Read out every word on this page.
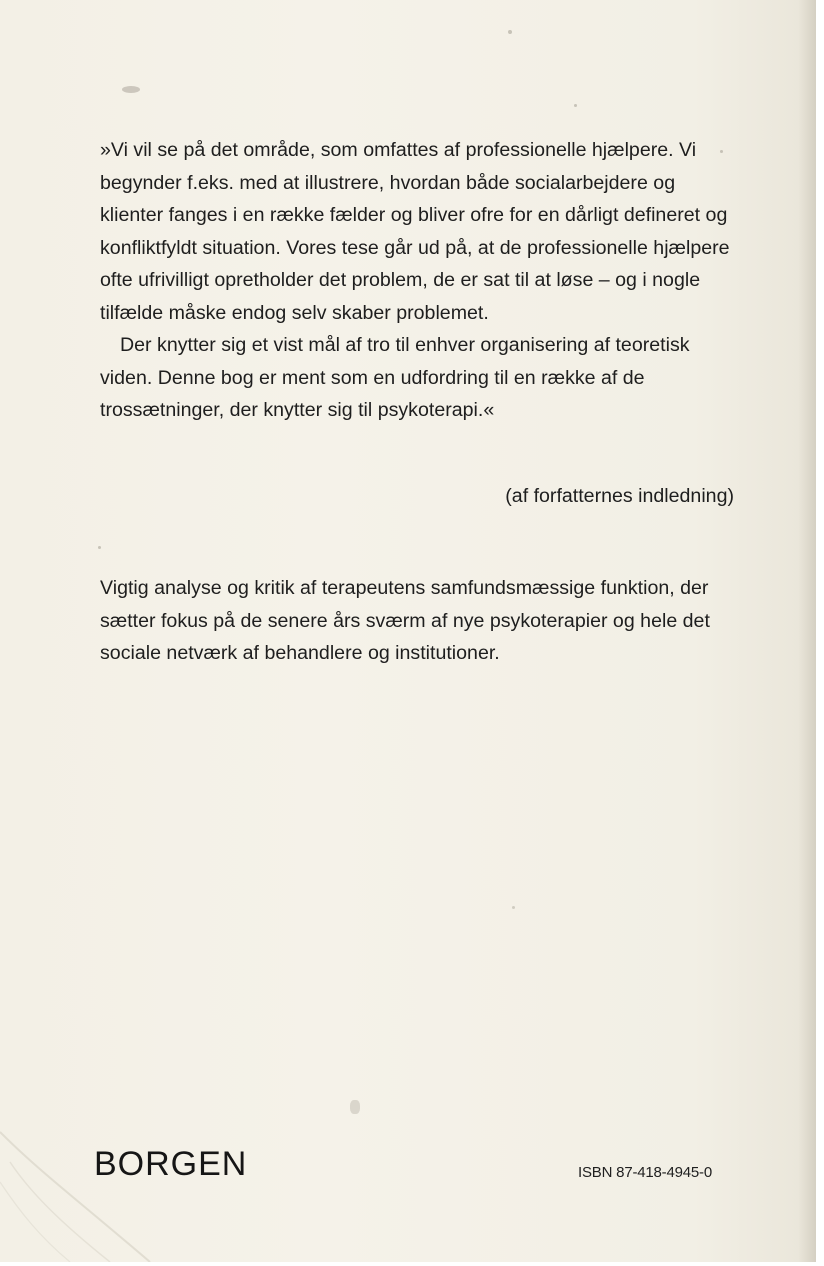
»Vi vil se på det område, som omfattes af professionelle hjælpere. Vi begynder f.eks. med at illustrere, hvordan både socialarbejdere og klienter fanges i en række fælder og bliver ofre for en dårligt defineret og konfliktfyldt situation. Vores tese går ud på, at de professionelle hjælpere ofte ufrivilligt opretholder det problem, de er sat til at løse – og i nogle tilfælde måske endog selv skaber problemet.

Der knytter sig et vist mål af tro til enhver organisering af teoretisk viden. Denne bog er ment som en udfordring til en række af de trossætninger, der knytter sig til psykoterapi.«

(af forfatternes indledning)
Vigtig analyse og kritik af terapeutens samfundsmæssige funktion, der sætter fokus på de senere års sværm af nye psykoterapier og hele det sociale netværk af behandlere og institutioner.
BORGEN	ISBN 87-418-4945-0
